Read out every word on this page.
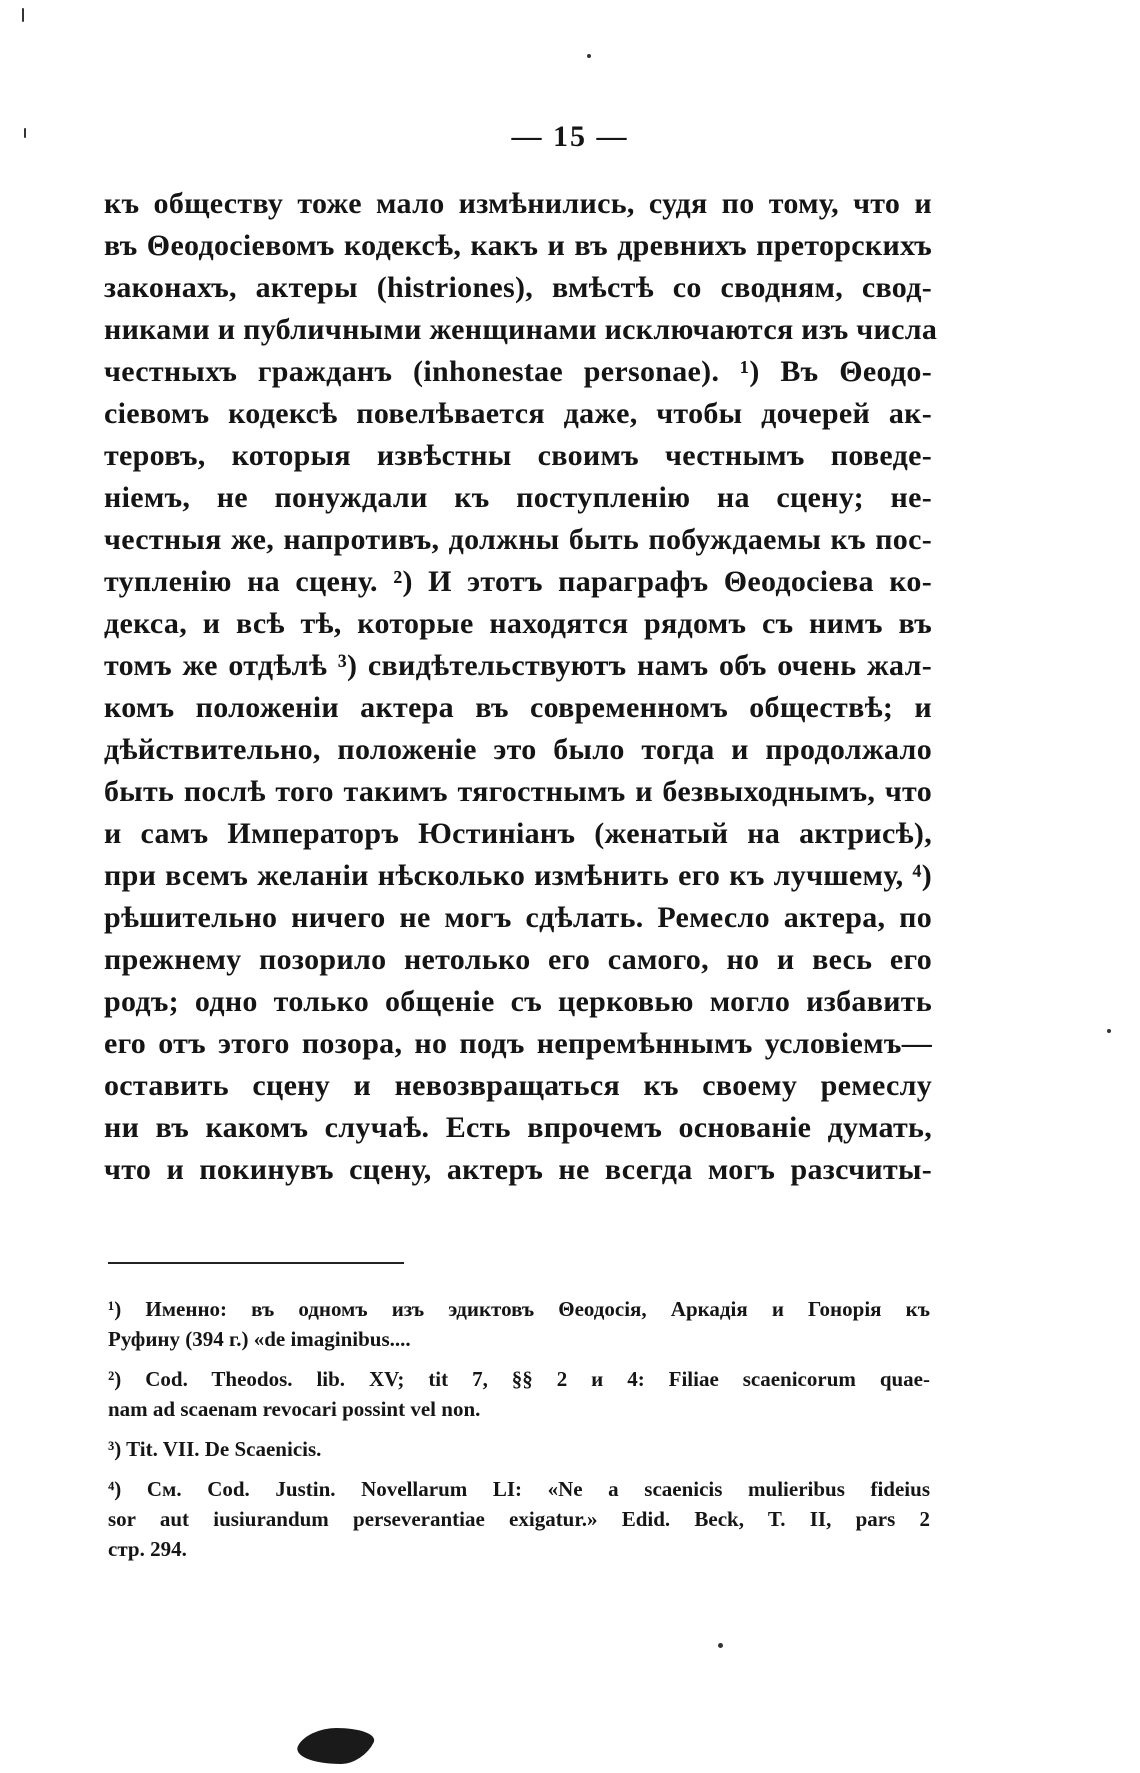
— 15 —
къ обществу тоже мало измѣнились, судя по тому, что и
въ Θеодосіевомъ кодексѣ, какъ и въ древнихъ преторскихъ
законахъ, актеры (histriones), вмѣстѣ со сводням, свод-
никами и публичными женщинами исключаются изъ числа
честныхъ гражданъ (inhonestae personae). ¹) Въ Θеодо-
сіевомъ кодексѣ повелѣвается даже, чтобы дочерей ак-
теровъ, которыя извѣстны своимъ честнымъ поведе-
ніемъ, не понуждали къ поступленію на сцену; не-
честныя же, напротивъ, должны быть побуждаемы къ пос-
тупленію на сцену. ²) И этотъ параграфъ Θеодосіева ко-
декса, и всѣ тѣ, которые находятся рядомъ съ нимъ въ
томъ же отдѣлѣ ³) свидѣтельствуютъ намъ объ очень жал-
комъ положеніи актера въ современномъ обществѣ; и
дѣйствительно, положеніе это было тогда и продолжало
быть послѣ того такимъ тягостнымъ и безвыходнымъ, что
и самъ Императоръ Юстиніанъ (женатый на актрисѣ),
при всемъ желаніи нѣсколько измѣнить его къ лучшему, ⁴)
рѣшительно ничего не могъ сдѣлать. Ремесло актера, по
прежнему позорило нетолько его самого, но и весь его
родъ; одно только общеніе съ церковью могло избавить
его отъ этого позора, но подъ непремѣннымъ условіемъ—
оставить сцену и невозвращаться къ своему ремеслу
ни въ какомъ случаѣ. Есть впрочемъ основаніе думать,
что и покинувъ сцену, актеръ не всегда могъ разсчиты-
¹) Именно: въ одномъ изъ эдиктовъ Θеодосія, Аркадія и Гонорія къ
Руфину (394 г.) «de imaginibus....
²) Cod. Theodos. lib. XV; tit 7, §§ 2 и 4: Filiae scaenicorum quae-
nam ad scaenam revocari possint vel non.
³) Tit. VII. De Scaenicis.
⁴) См. Cod. Justin. Novellarum LI: «Ne a scaenicis mulieribus fideius
sor aut iusiurandum perseverantiae exigatur.» Edid. Beck, T. II, pars 2
стр. 294.
